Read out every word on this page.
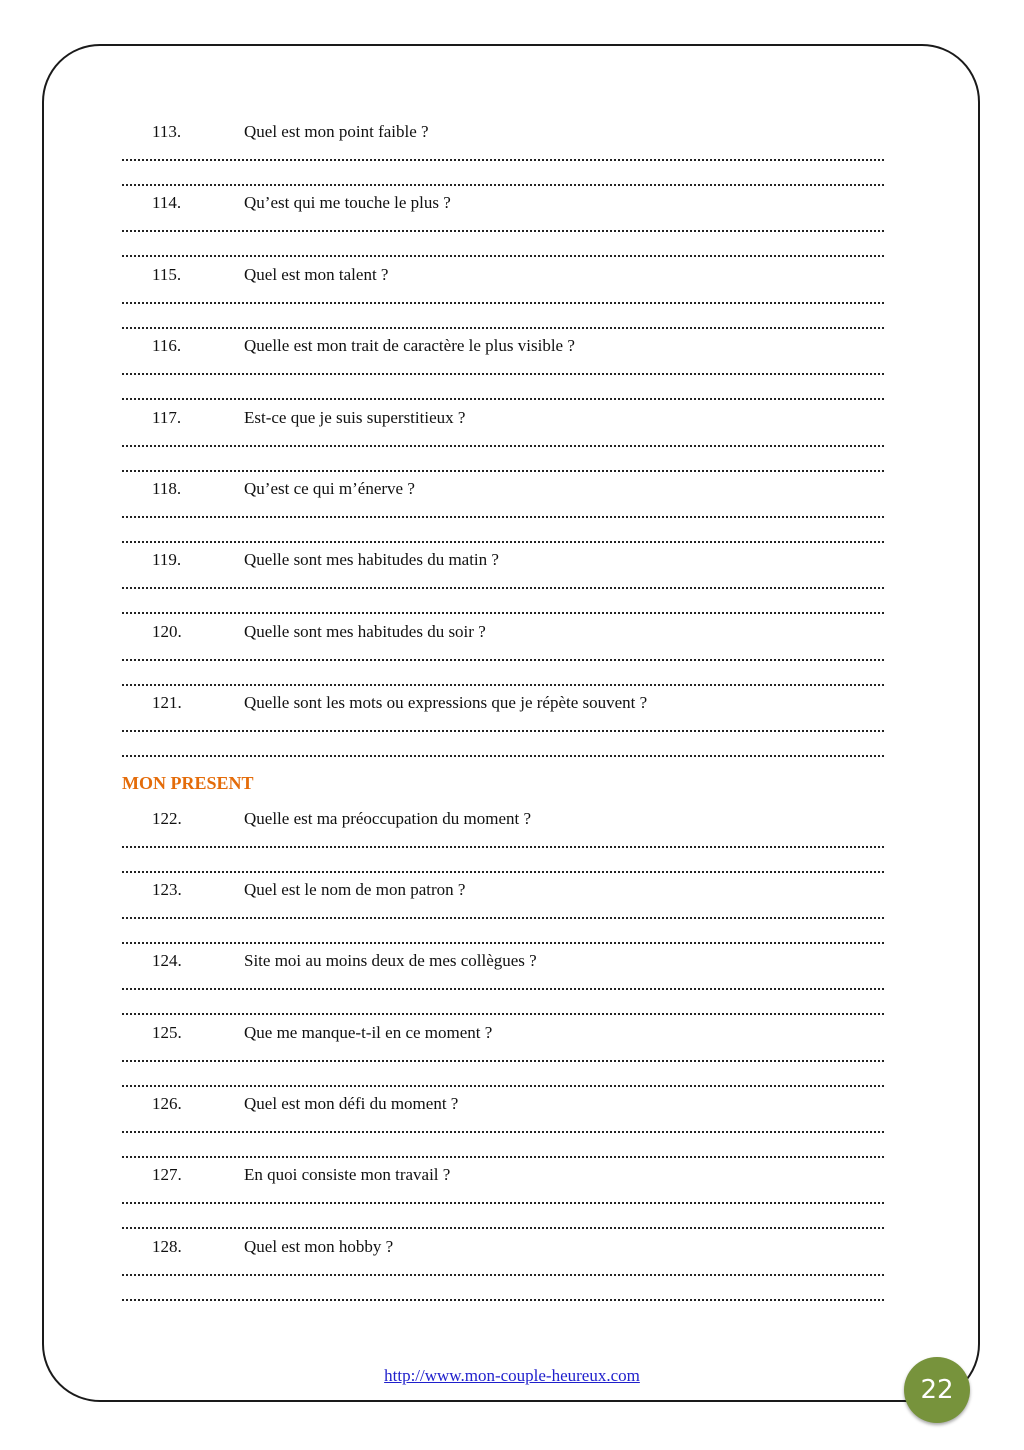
113.	Quel est mon point faible ?
114.	Qu’est qui me touche le plus ?
115.	Quel est mon talent ?
116.	Quelle est mon trait de caractère le plus visible ?
117.	Est-ce que je suis superstitieux ?
118.	Qu’est ce qui m’énerve ?
119.	Quelle sont mes habitudes du matin ?
120.	Quelle sont mes habitudes du soir ?
121.	Quelle sont les mots ou expressions que je répète souvent ?
MON PRESENT
122.	Quelle est ma préoccupation du moment ?
123.	Quel est le nom de mon patron ?
124.	Site moi au moins deux de mes collègues ?
125.	Que me manque-t-il en ce moment ?
126.	Quel est mon défi du moment ?
127.	En quoi consiste mon travail ?
128.	Quel est mon hobby ?
http://www.mon-couple-heureux.com	22
